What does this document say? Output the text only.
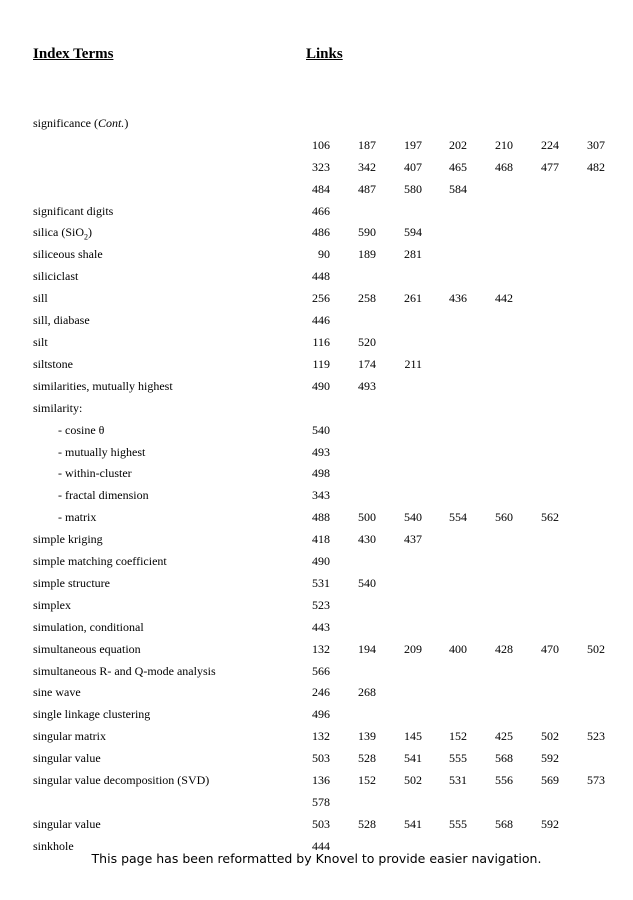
Index Terms	Links
significance (Cont.)
106	187	197	202	210	224	307
323	342	407	465	468	477	482
484	487	580	584
significant digits	466
silica (SiO$_2$)	486	590	594
siliceous shale	90	189	281
siliciclast	448
sill	256	258	261	436	442
sill, diabase	446
silt	116	520
siltstone	119	174	211
similarities, mutually highest	490	493
similarity:
- cosine θ	540
- mutually highest	493
- within-cluster	498
- fractal dimension	343
- matrix	488	500	540	554	560	562
simple kriging	418	430	437
simple matching coefficient	490
simple structure	531	540
simplex	523
simulation, conditional	443
simultaneous equation	132	194	209	400	428	470	502
simultaneous R- and Q-mode analysis	566
sine wave	246	268
single linkage clustering	496
singular matrix	132	139	145	152	425	502	523
singular value	503	528	541	555	568	592
singular value decomposition (SVD)	136	152	502	531	556	569	573
578
singular value	503	528	541	555	568	592
sinkhole	444
This page has been reformatted by Knovel to provide easier navigation.
